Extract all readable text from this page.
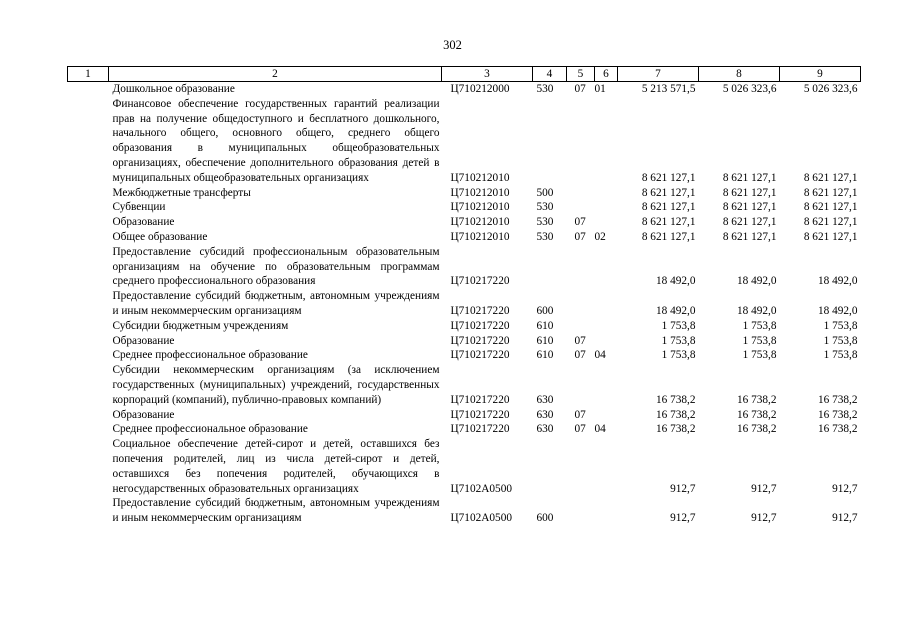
302
1	2	3	4	5	6	7	8	9
	Дошкольное образование	Ц710212000	530	07	01	5 213 571,5	5 026 323,6	5 026 323,6
	Финансовое обеспечение государственных гарантий реализации прав на получение общедоступного и бесплатного дошкольного, начального общего, основного общего, среднего общего образования в муниципальных общеобразовательных организациях, обеспечение дополнительного образования детей в муниципальных общеобразовательных организациях	Ц710212010				8 621 127,1	8 621 127,1	8 621 127,1
	Межбюджетные трансферты	Ц710212010	500			8 621 127,1	8 621 127,1	8 621 127,1
	Субвенции	Ц710212010	530			8 621 127,1	8 621 127,1	8 621 127,1
	Образование	Ц710212010	530	07		8 621 127,1	8 621 127,1	8 621 127,1
	Общее образование	Ц710212010	530	07	02	8 621 127,1	8 621 127,1	8 621 127,1
	Предоставление субсидий профессиональным образовательным организациям на обучение по образовательным программам среднего профессионального образования	Ц710217220				18 492,0	18 492,0	18 492,0
	Предоставление субсидий бюджетным, автономным учреждениям и иным некоммерческим организациям	Ц710217220	600			18 492,0	18 492,0	18 492,0
	Субсидии бюджетным учреждениям	Ц710217220	610			1 753,8	1 753,8	1 753,8
	Образование	Ц710217220	610	07		1 753,8	1 753,8	1 753,8
	Среднее профессиональное образование	Ц710217220	610	07	04	1 753,8	1 753,8	1 753,8
	Субсидии некоммерческим организациям (за исключением государственных (муниципальных) учреждений, государственных корпораций (компаний), публично-правовых компаний)	Ц710217220	630			16 738,2	16 738,2	16 738,2
	Образование	Ц710217220	630	07		16 738,2	16 738,2	16 738,2
	Среднее профессиональное образование	Ц710217220	630	07	04	16 738,2	16 738,2	16 738,2
	Социальное обеспечение детей-сирот и детей, оставшихся без попечения родителей, лиц из числа детей-сирот и детей, оставшихся без попечения родителей, обучающихся в негосударственных образовательных организациях	Ц7102А0500				912,7	912,7	912,7
	Предоставление субсидий бюджетным, автономным учреждениям и иным некоммерческим организациям	Ц7102А0500	600			912,7	912,7	912,7
